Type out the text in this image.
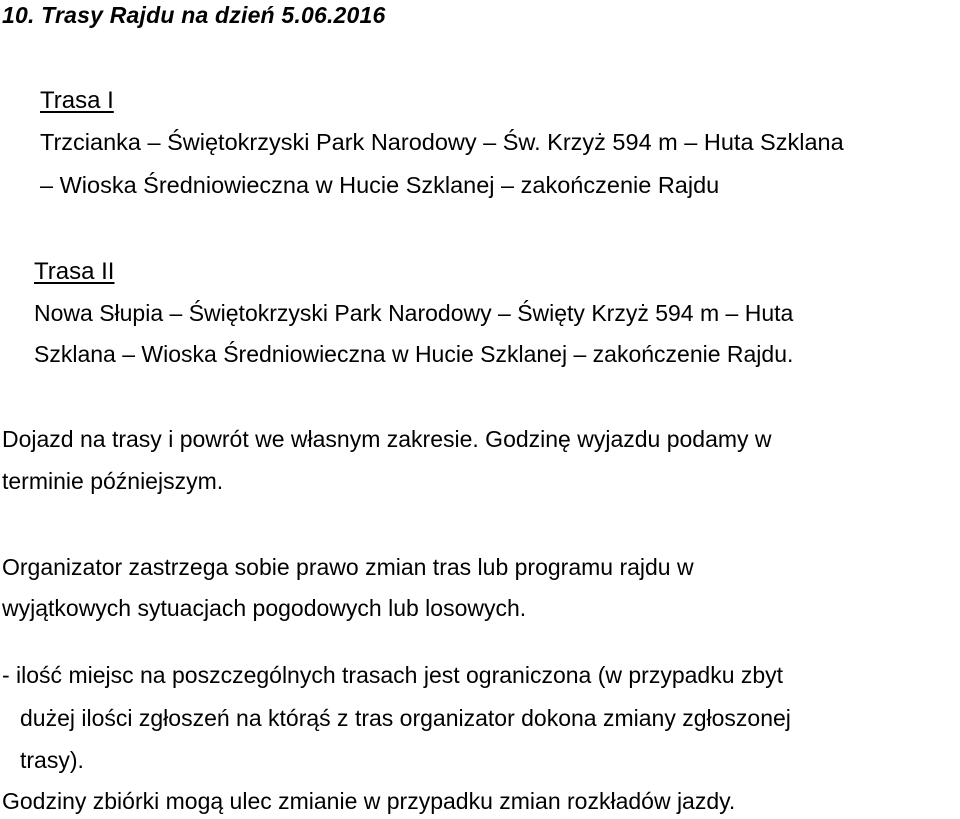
10. Trasy Rajdu na dzień 5.06.2016
Trasa I
Trzcianka – Świętokrzyski Park Narodowy – Św. Krzyż 594 m – Huta Szklana
– Wioska Średniowieczna w Hucie Szklanej – zakończenie Rajdu
Trasa II
Nowa Słupia – Świętokrzyski Park Narodowy – Święty Krzyż 594 m – Huta
Szklana – Wioska Średniowieczna w Hucie Szklanej – zakończenie Rajdu.
Dojazd na trasy i powrót we własnym zakresie. Godzinę wyjazdu podamy w
terminie późniejszym.
Organizator zastrzega sobie prawo zmian tras lub programu rajdu w
wyjątkowych sytuacjach pogodowych lub losowych.
- ilość miejsc na poszczególnych trasach jest ograniczona (w przypadku zbyt
dużej ilości zgłoszeń na którąś z tras organizator dokona zmiany zgłoszonej
trasy).
Godziny zbiórki mogą ulec zmianie w przypadku zmian rozkładów jazdy.
